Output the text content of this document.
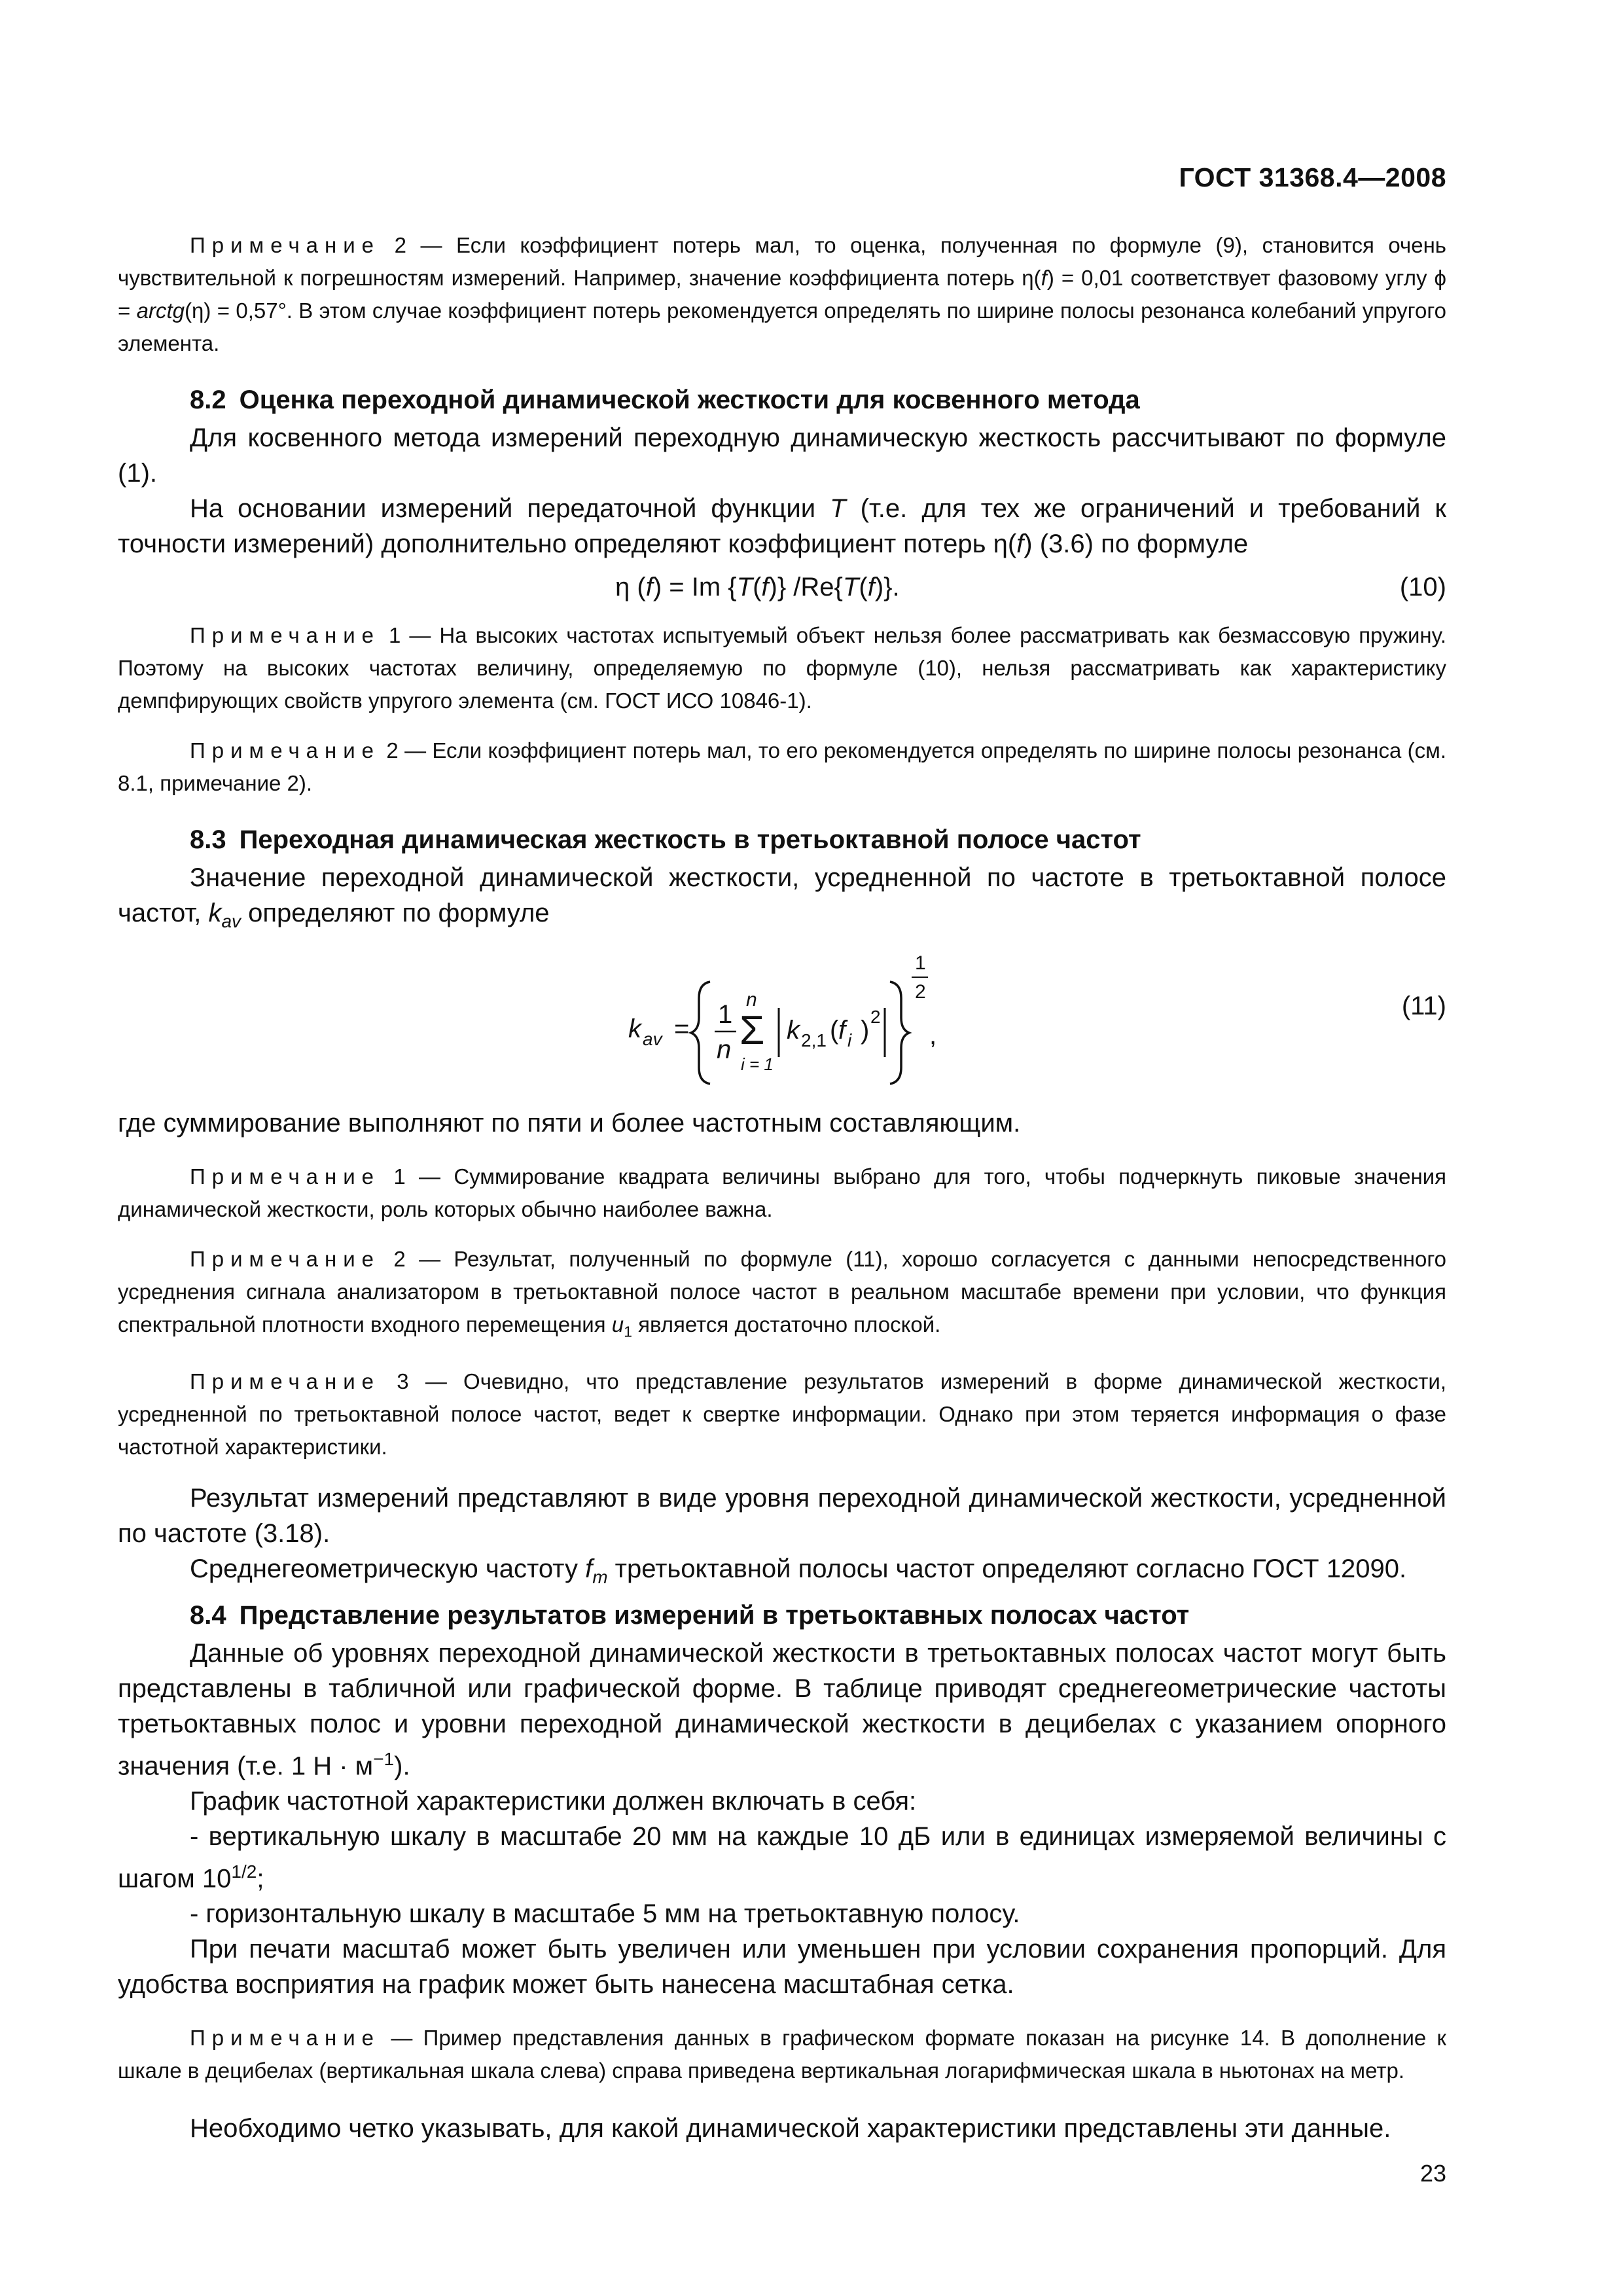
ГОСТ 31368.4—2008

Примечание 2 — Если коэффициент потерь мал, то оценка, полученная по формуле (9), становится очень чувствительной к погрешностям измерений. Например, значение коэффициента потерь η(f) = 0,01 соответствует фазовому углу ϕ = arctg(η) = 0,57°. В этом случае коэффициент потерь рекомендуется определять по ширине полосы резонанса колебаний упругого элемента.

8.2 Оценка переходной динамической жесткости для косвенного метода

Для косвенного метода измерений переходную динамическую жесткость рассчитывают по формуле (1).

На основании измерений передаточной функции T (т.е. для тех же ограничений и требований к точности измерений) дополнительно определяют коэффициент потерь η(f) (3.6) по формуле

η (f) = Im {T(f)} /Re{T(f)}.	(10)

Примечание 1 — На высоких частотах испытуемый объект нельзя более рассматривать как безмассовую пружину. Поэтому на высоких частотах величину, определяемую по формуле (10), нельзя рассматривать как характеристику демпфирующих свойств упругого элемента (см. ГОСТ ИСО 10846-1).

Примечание 2 — Если коэффициент потерь мал, то его рекомендуется определять по ширине полосы резонанса (см. 8.1, примечание 2).

8.3 Переходная динамическая жесткость в третьоктавной полосе частот

Значение переходной динамической жесткости, усредненной по частоте в третьоктавной полосе частот, $k_{av}$ определяют по формуле

k av = 1
n
n
Σ
i = 1
k 2,1 ( f i ) 2
1
2
,
(11)

где суммирование выполняют по пяти и более частотным составляющим.

Примечание 1 — Суммирование квадрата величины выбрано для того, чтобы подчеркнуть пиковые значения динамической жесткости, роль которых обычно наиболее важна.

Примечание 2 — Результат, полученный по формуле (11), хорошо согласуется с данными непосредственного усреднения сигнала анализатором в третьоктавной полосе частот в реальном масштабе времени при условии, что функция спектральной плотности входного перемещения $u_1$ является достаточно плоской.

Примечание 3 — Очевидно, что представление результатов измерений в форме динамической жесткости, усредненной по третьоктавной полосе частот, ведет к свертке информации. Однако при этом теряется информация о фазе частотной характеристики.

Результат измерений представляют в виде уровня переходной динамической жесткости, усредненной по частоте (3.18).

Среднегеометрическую частоту $f_m$ третьоктавной полосы частот определяют согласно ГОСТ 12090.

8.4 Представление результатов измерений в третьоктавных полосах частот

Данные об уровнях переходной динамической жесткости в третьоктавных полосах частот могут быть представлены в табличной или графической форме. В таблице приводят среднегеометрические частоты третьоктавных полос и уровни переходной динамической жесткости в децибелах с указанием опорного значения (т.е. 1 $Н \cdot м^{-1}$).

График частотной характеристики должен включать в себя:

- вертикальную шкалу в масштабе 20 мм на каждые 10 дБ или в единицах измеряемой величины с шагом $10^{1/2}$;

- горизонтальную шкалу в масштабе 5 мм на третьоктавную полосу.

При печати масштаб может быть увеличен или уменьшен при условии сохранения пропорций. Для удобства восприятия на график может быть нанесена масштабная сетка.

Примечание — Пример представления данных в графическом формате показан на рисунке 14. В дополнение к шкале в децибелах (вертикальная шкала слева) справа приведена вертикальная логарифмическая шкала в ньютонах на метр.

Необходимо четко указывать, для какой динамической характеристики представлены эти данные.

23
